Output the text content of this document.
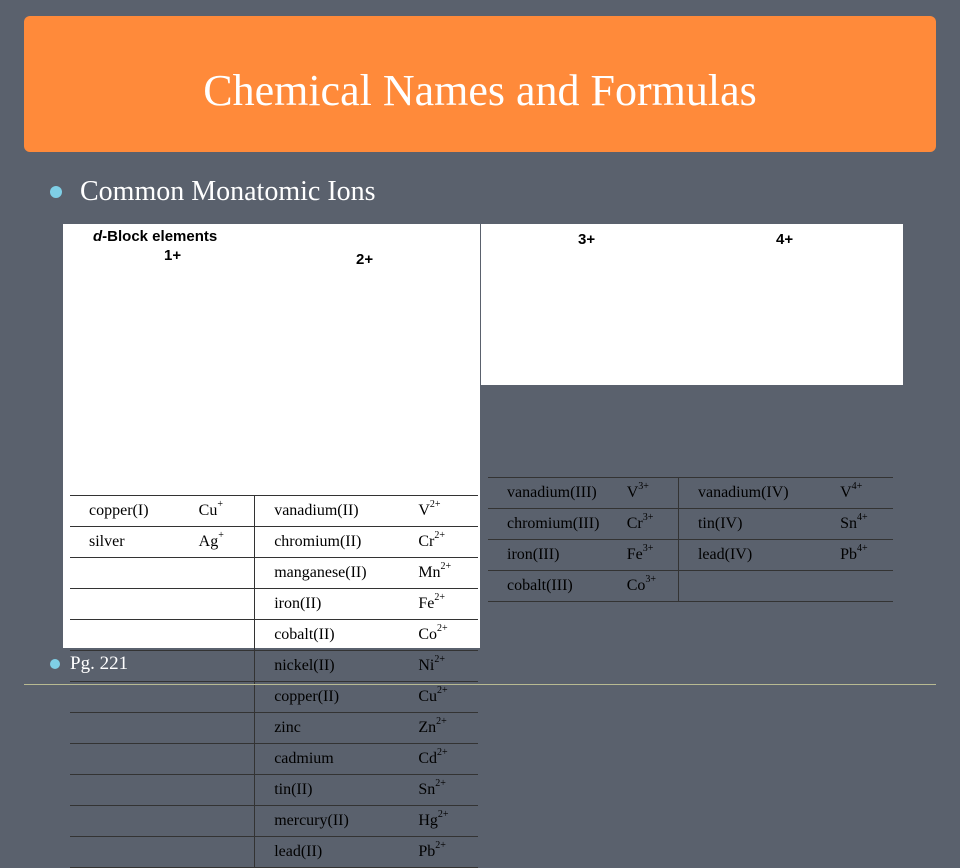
Chemical Names and Formulas
Common Monatomic Ions
d-Block elements
1+	2+
copper(I)	Cu+	vanadium(II)	$V^{2+}$
silver	Ag+	chromium(II)	$Cr^{2+}$
		manganese(II)	$Mn^{2+}$
		iron(II)	$Fe^{2+}$
		cobalt(II)	$Co^{2+}$
		nickel(II)	$Ni^{2+}$
		copper(II)	$Cu^{2+}$
		zinc	$Zn^{2+}$
		cadmium	$Cd^{2+}$
		tin(II)	$Sn^{2+}$
		mercury(II)	$Hg^{2+}$
		lead(II)	$Pb^{2+}$
3+	4+
vanadium(III)	$V^{3+}$	vanadium(IV)	$V^{4+}$
chromium(III)	$Cr^{3+}$	tin(IV)	$Sn^{4+}$
iron(III)	$Fe^{3+}$	lead(IV)	$Pb^{4+}$
cobalt(III)	$Co^{3+}$		
Pg. 221
